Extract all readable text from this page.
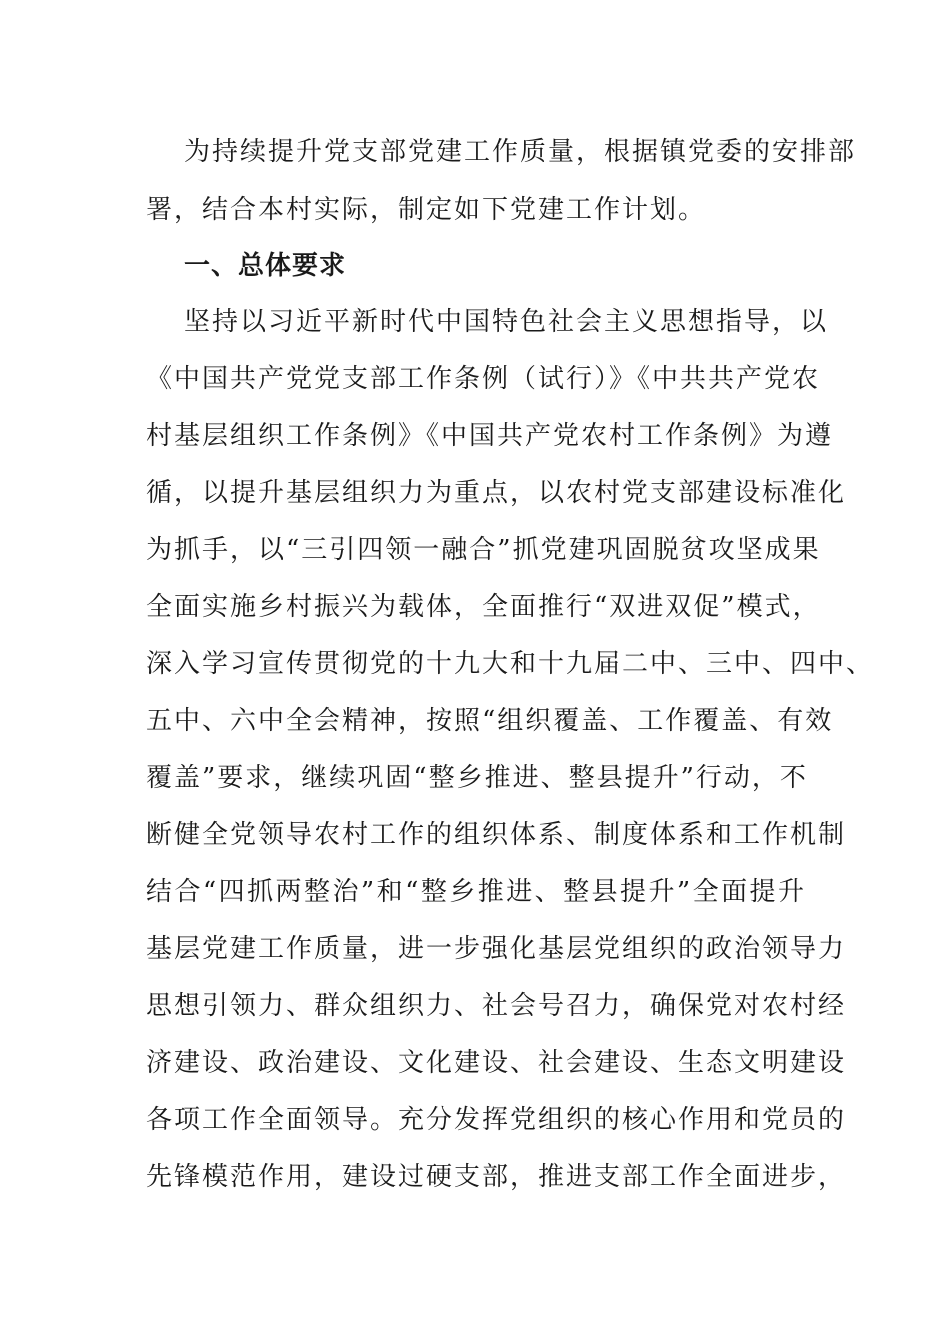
为持续提升党支部党建工作质量，根据镇党委的安排部
署，结合本村实际，制定如下党建工作计划。
一、总体要求
坚持以习近平新时代中国特色社会主义思想指导，以
《中国共产党党支部工作条例（试行）》《中共共产党农
村基层组织工作条例》《中国共产党农村工作条例》为遵
循，以提升基层组织力为重点，以农村党支部建设标准化
为抓手，以“三引四领一融合”抓党建巩固脱贫攻坚成果
全面实施乡村振兴为载体，全面推行“双进双促”模式，
深入学习宣传贯彻党的十九大和十九届二中、三中、四中、
五中、六中全会精神，按照“组织覆盖、工作覆盖、有效
覆盖”要求，继续巩固“整乡推进、整县提升”行动，不
断健全党领导农村工作的组织体系、制度体系和工作机制
结合“四抓两整治”和“整乡推进、整县提升”全面提升
基层党建工作质量，进一步强化基层党组织的政治领导力
思想引领力、群众组织力、社会号召力，确保党对农村经
济建设、政治建设、文化建设、社会建设、生态文明建设
各项工作全面领导。充分发挥党组织的核心作用和党员的
先锋模范作用，建设过硬支部，推进支部工作全面进步，
